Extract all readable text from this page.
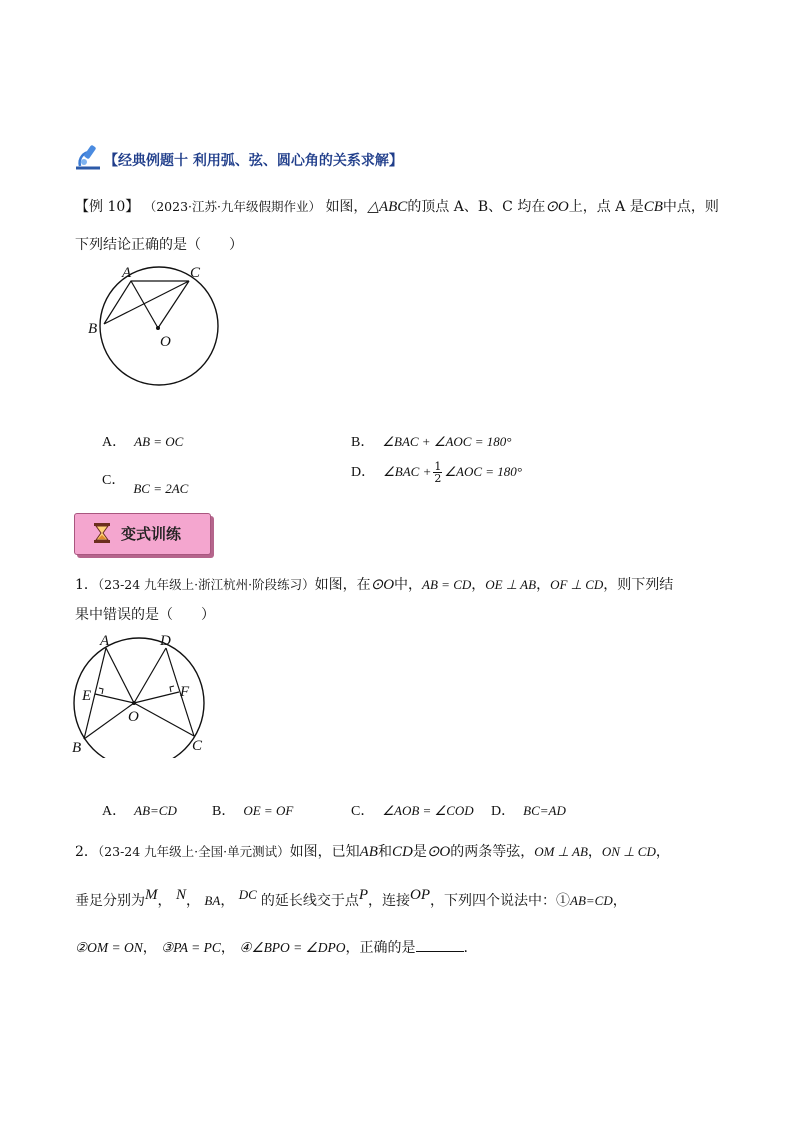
【经典例题十 利用弧、弦、圆心角的关系求解】
【例 10】 （2023·江苏·九年级假期作业） 如图，△ABC的顶点 A、B、C 均在⊙O上，点 A 是CB中点，则
下列结论正确的是（　　）
A	C
B
O
A． AB = OC	B． ∠BAC + ∠AOC = 180°
C．BC = 2AC
D． ∠BAC + $\frac{1}{2}$ ∠AOC = 180°
变式训练
1．（23-24 九年级上·浙江杭州·阶段练习）如图，在⊙O中，AB = CD，OE ⊥ AB，OF ⊥ CD，则下列结
果中错误的是（　　）
A	D
E	F
O
B	C
A． AB=CD	B． OE = OF	C． ∠AOB = ∠COD D． BC=AD
2．（23-24 九年级上·全国·单元测试）如图，已知AB和CD是⊙O的两条等弦，OM ⊥ AB，ON ⊥ CD，
垂足分别为M， N， BA， DC 的延长线交于点P，连接OP，下列四个说法中：①AB=CD，
②OM = ON， ③PA = PC， ④∠BPO = ∠DPO，正确的是	.
